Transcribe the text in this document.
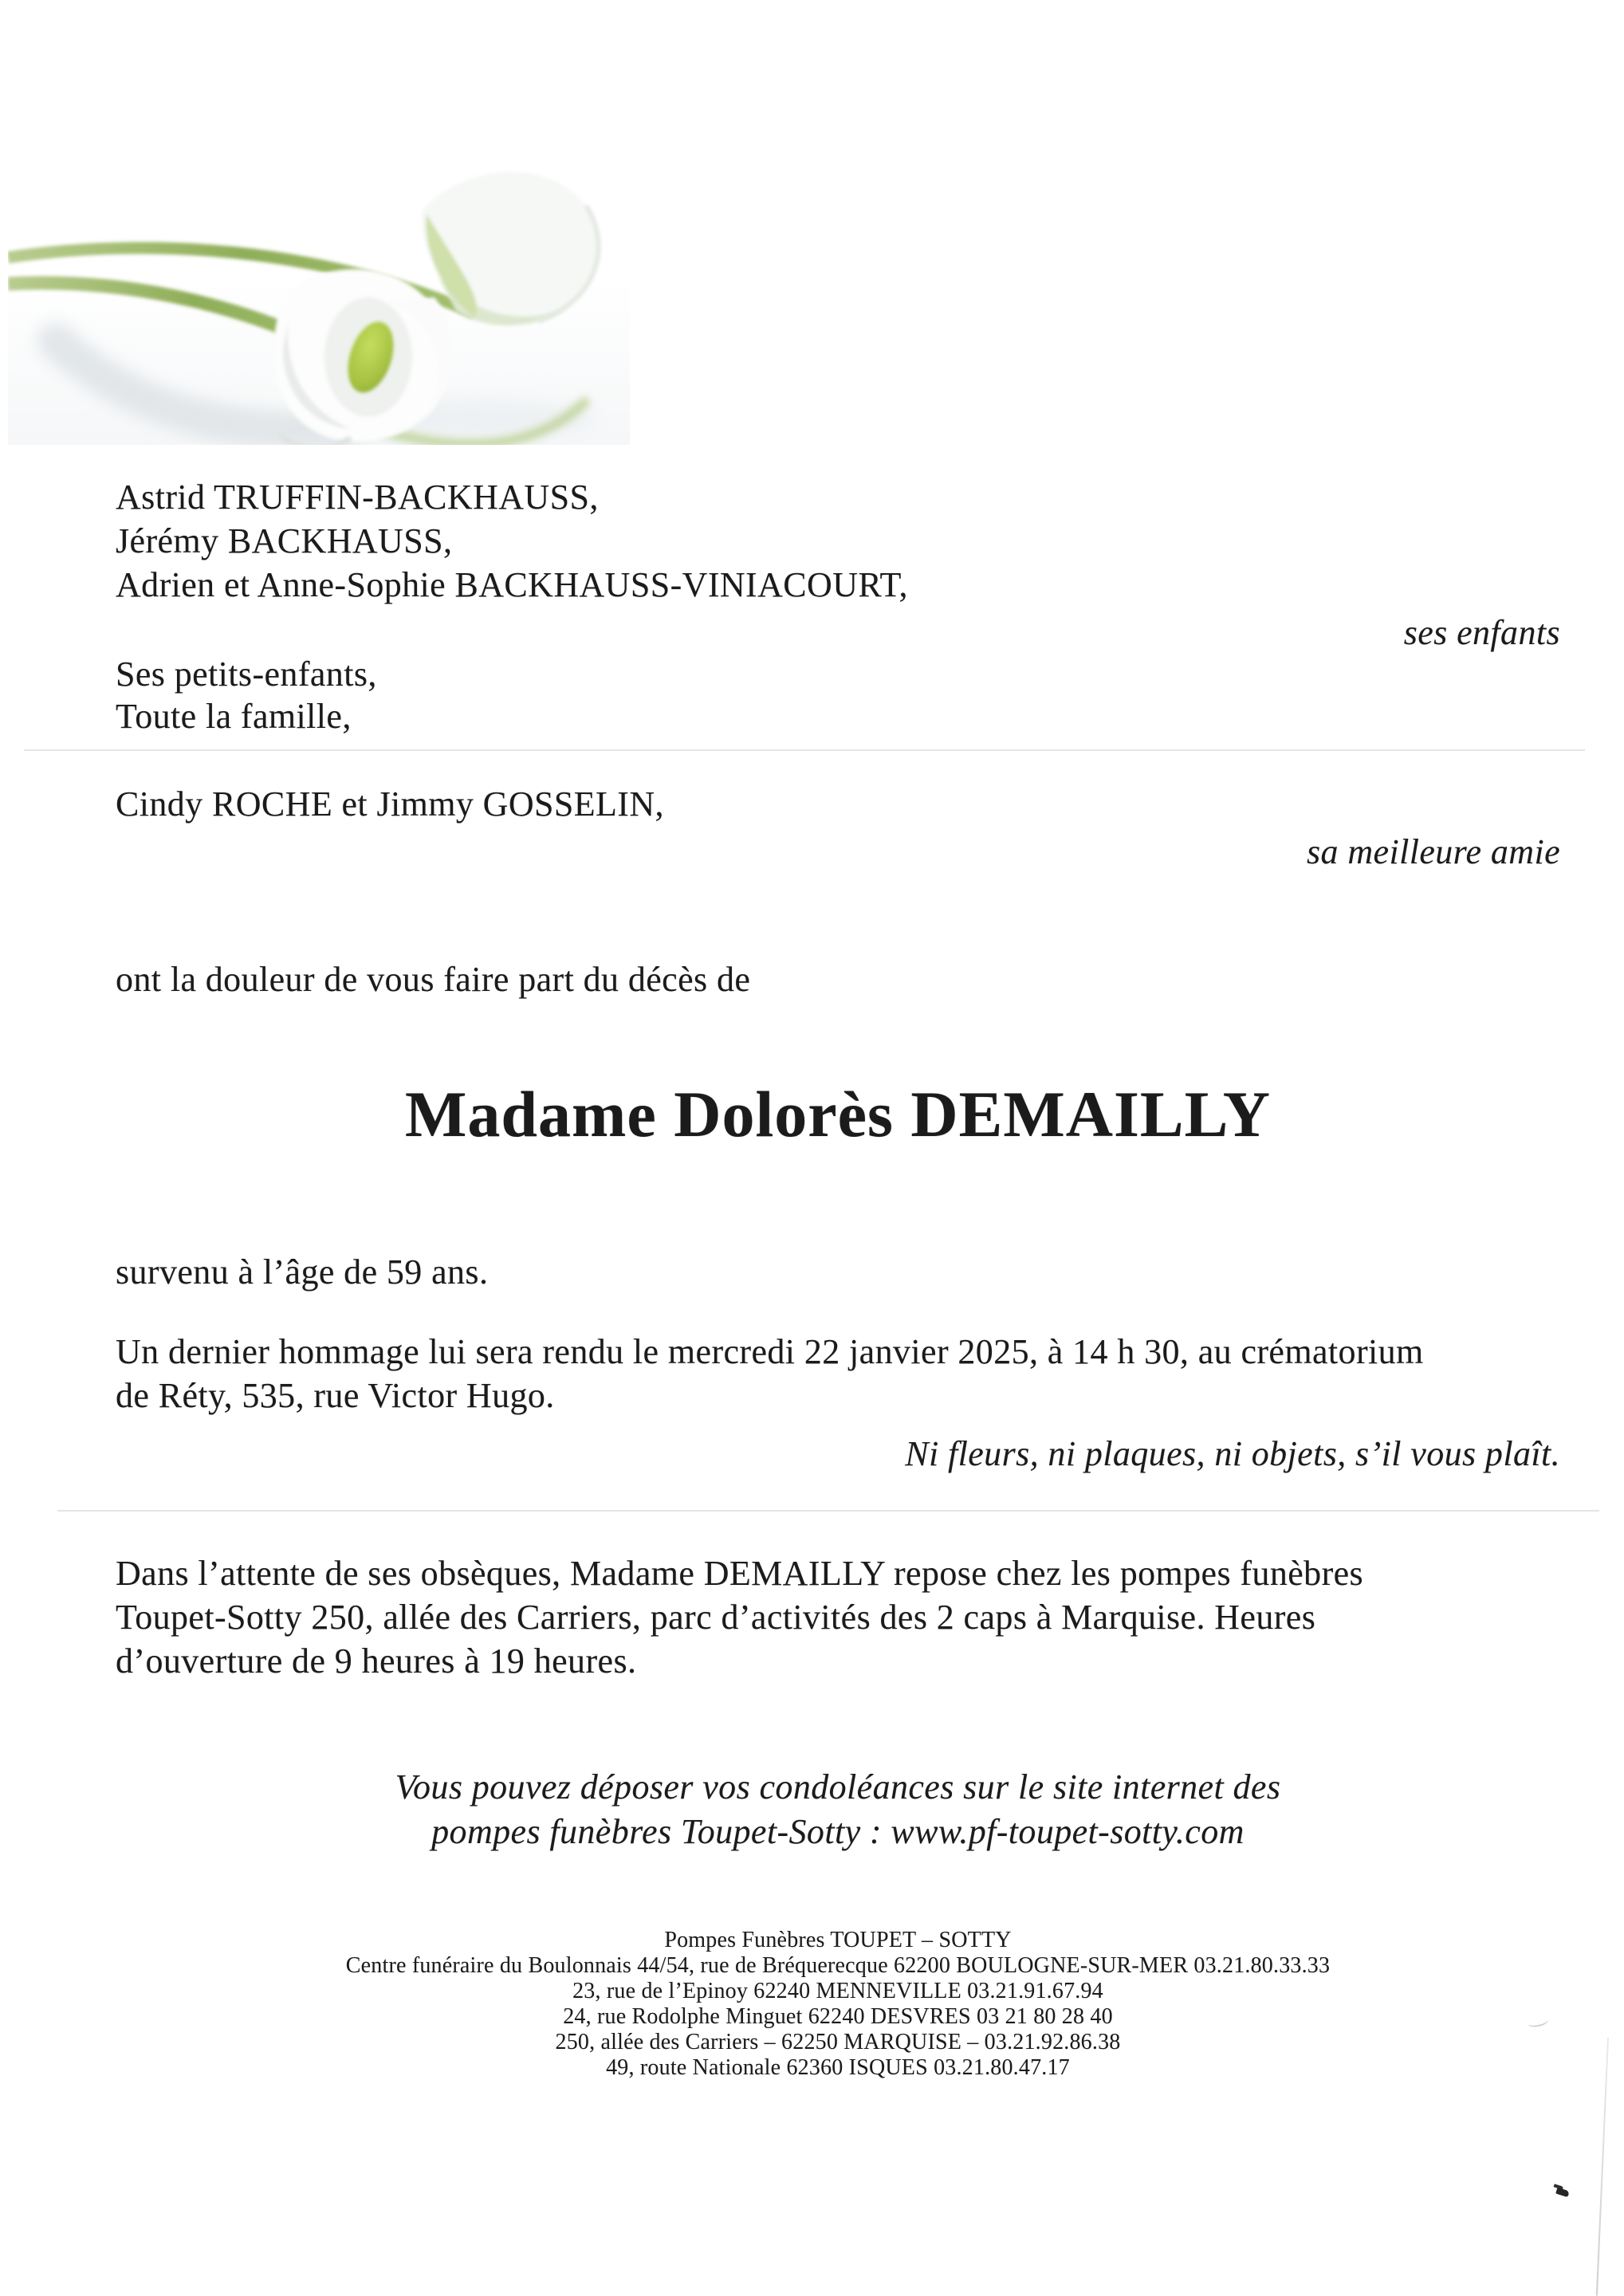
Astrid TRUFFIN-BACKHAUSS,
Jérémy BACKHAUSS,
Adrien et Anne-Sophie BACKHAUSS-VINIACOURT,
ses enfants
Ses petits-enfants,
Toute la famille,
Cindy ROCHE et Jimmy GOSSELIN,
sa meilleure amie
ont la douleur de vous faire part du décès de
Madame Dolorès DEMAILLY
survenu à l’âge de 59 ans.
Un dernier hommage lui sera rendu le mercredi 22 janvier 2025, à 14 h 30, au crématorium
de Réty, 535, rue Victor Hugo.
Ni fleurs, ni plaques, ni objets, s’il vous plaît.
Dans l’attente de ses obsèques, Madame DEMAILLY repose chez les pompes funèbres
Toupet-Sotty 250, allée des Carriers, parc d’activités des 2 caps à Marquise. Heures
d’ouverture de 9 heures à 19 heures.
Vous pouvez déposer vos condoléances sur le site internet des
pompes funèbres Toupet-Sotty : www.pf-toupet-sotty.com
Pompes Funèbres TOUPET – SOTTY
Centre funéraire du Boulonnais 44/54, rue de Bréquerecque 62200 BOULOGNE-SUR-MER 03.21.80.33.33
23, rue de l’Epinoy 62240 MENNEVILLE 03.21.91.67.94
24, rue Rodolphe Minguet 62240 DESVRES 03 21 80 28 40
250, allée des Carriers – 62250 MARQUISE – 03.21.92.86.38
49, route Nationale 62360 ISQUES 03.21.80.47.17
